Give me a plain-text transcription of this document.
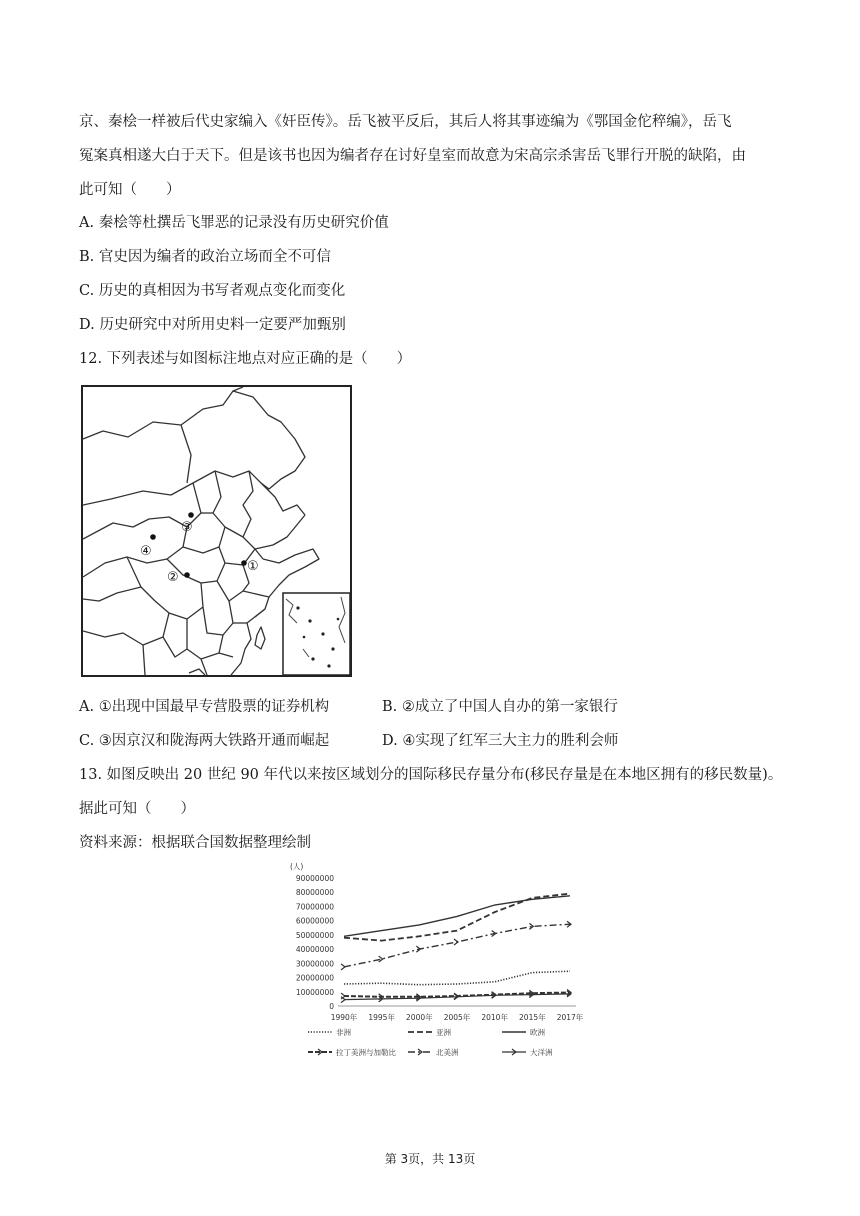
京、秦桧一样被后代史家编入《奸臣传》。岳飞被平反后，其后人将其事迹编为《鄂国金佗稡编》，岳飞
冤案真相遂大白于天下。但是该书也因为编者存在讨好皇室而故意为宋高宗杀害岳飞罪行开脱的缺陷，由
此可知（　　）
A. 秦桧等杜撰岳飞罪恶的记录没有历史研究价值
B. 官史因为编者的政治立场而全不可信
C. 历史的真相因为书写者观点变化而变化
D. 历史研究中对所用史料一定要严加甄别
12. 下列表述与如图标注地点对应正确的是（　　）
①
②
③
④
A. ①出现中国最早专营股票的证券机构	B. ②成立了中国人自办的第一家银行
C. ③因京汉和陇海两大铁路开通而崛起	D. ④实现了红军三大主力的胜利会师
13. 如图反映出 20 世纪 90 年代以来按区域划分的国际移民存量分布(移民存量是在本地区拥有的移民数量)。
据此可知（　　）
资料来源：根据联合国数据整理绘制
(人)
0
10000000
20000000
30000000
40000000
50000000
60000000
70000000
80000000
90000000
1990年 1995年 2000年 2005年 2010年 2015年 2017年
非洲	亚洲	欧洲
拉丁美洲与加勒比	北美洲	大洋洲
第 3页，共 13页
